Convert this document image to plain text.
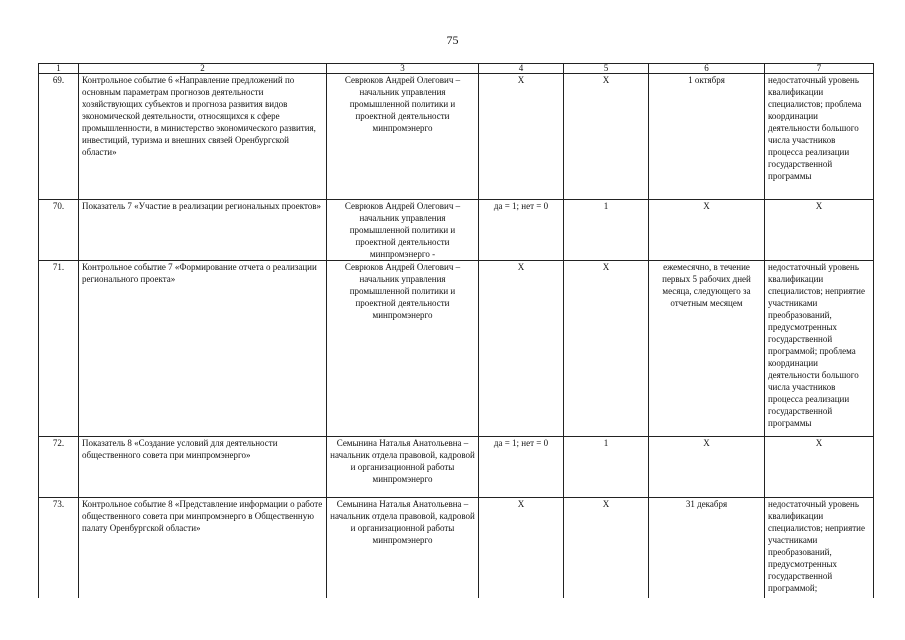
75
1	2	3	4	5	6	7
69.	Контрольное событие 6 «Направление предложений по основным параметрам прогнозов деятельности хозяйствующих субъектов и прогноза развития видов экономической деятельности, относящихся к сфере промышленности, в министерство экономического развития, инвестиций, туризма и внешних связей Оренбургской области»	Севрюков Андрей Олегович – начальник управления промышленной политики и проектной деятельности минпромэнерго	X	X	1 октября	недостаточный уровень квалификации специалистов; проблема координации деятельности большого числа участников процесса реализации государственной программы
70.	Показатель 7 «Участие в реализации региональных проектов»	Севрюков Андрей Олегович – начальник управления промышленной политики и проектной деятельности минпромэнерго -	да = 1; нет = 0	1	X	X
71.	Контрольное событие 7 «Формирование отчета о реализации регионального проекта»	Севрюков Андрей Олегович – начальник управления промышленной политики и проектной деятельности минпромэнерго	X	X	ежемесячно, в течение первых 5 рабочих дней месяца, следующего за отчетным месяцем	недостаточный уровень квалификации специалистов; неприятие участниками преобразований, предусмотренных государственной программой; проблема координации деятельности большого числа участников процесса реализации государственной программы
72.	Показатель 8 «Создание условий для деятельности общественного совета при минпромэнерго»	Семынина Наталья Анатольевна – начальник отдела правовой, кадровой и организационной работы минпромэнерго	да = 1; нет = 0	1	X	X
73.	Контрольное событие 8 «Представление информации о работе общественного совета при минпромэнерго в Общественную палату Оренбургской области»	Семынина Наталья Анатольевна – начальник отдела правовой, кадровой и организационной работы минпромэнерго	X	X	31 декабря	недостаточный уровень квалификации специалистов; неприятие участниками преобразований, предусмотренных государственной программой;
